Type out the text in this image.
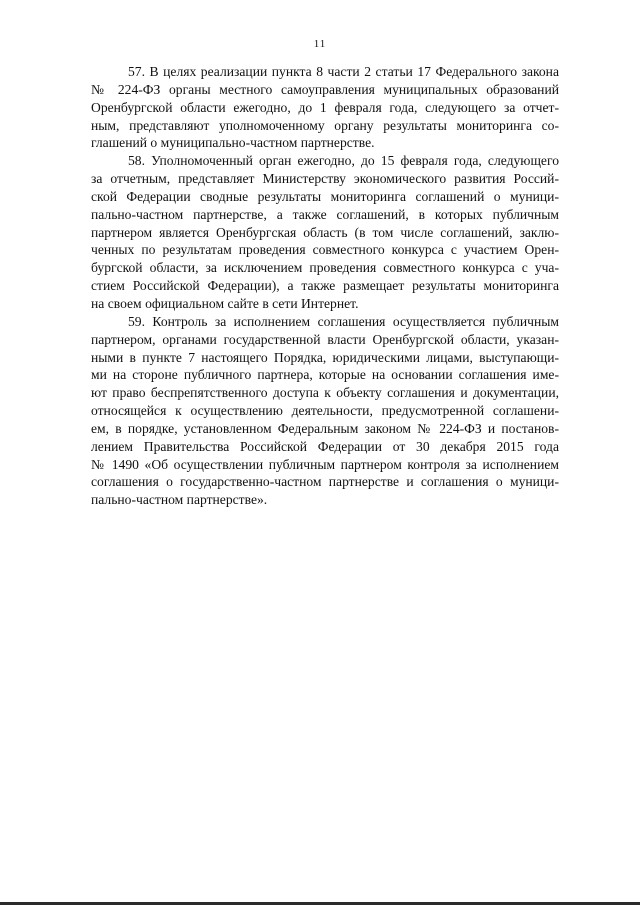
11
57. В целях реализации пункта 8 части 2 статьи 17 Федерального закона
№ 224-ФЗ органы местного самоуправления муниципальных образований
Оренбургской области ежегодно, до 1 февраля года, следующего за отчет-
ным, представляют уполномоченному органу результаты мониторинга со-
глашений о муниципально-частном партнерстве.
58. Уполномоченный орган ежегодно, до 15 февраля года, следующего
за отчетным, представляет Министерству экономического развития Россий-
ской Федерации сводные результаты мониторинга соглашений о муници-
пально-частном партнерстве, а также соглашений, в которых публичным
партнером является Оренбургская область (в том числе соглашений, заклю-
ченных по результатам проведения совместного конкурса с участием Орен-
бургской области, за исключением проведения совместного конкурса с уча-
стием Российской Федерации), а также размещает результаты мониторинга
на своем официальном сайте в сети Интернет.
59. Контроль за исполнением соглашения осуществляется публичным
партнером, органами государственной власти Оренбургской области, указан-
ными в пункте 7 настоящего Порядка, юридическими лицами, выступающи-
ми на стороне публичного партнера, которые на основании соглашения име-
ют право беспрепятственного доступа к объекту соглашения и документации,
относящейся к осуществлению деятельности, предусмотренной соглашени-
ем, в порядке, установленном Федеральным законом № 224-ФЗ и постанов-
лением Правительства Российской Федерации от 30 декабря 2015 года
№ 1490 «Об осуществлении публичным партнером контроля за исполнением
соглашения о государственно-частном партнерстве и соглашения о муници-
пально-частном партнерстве».
